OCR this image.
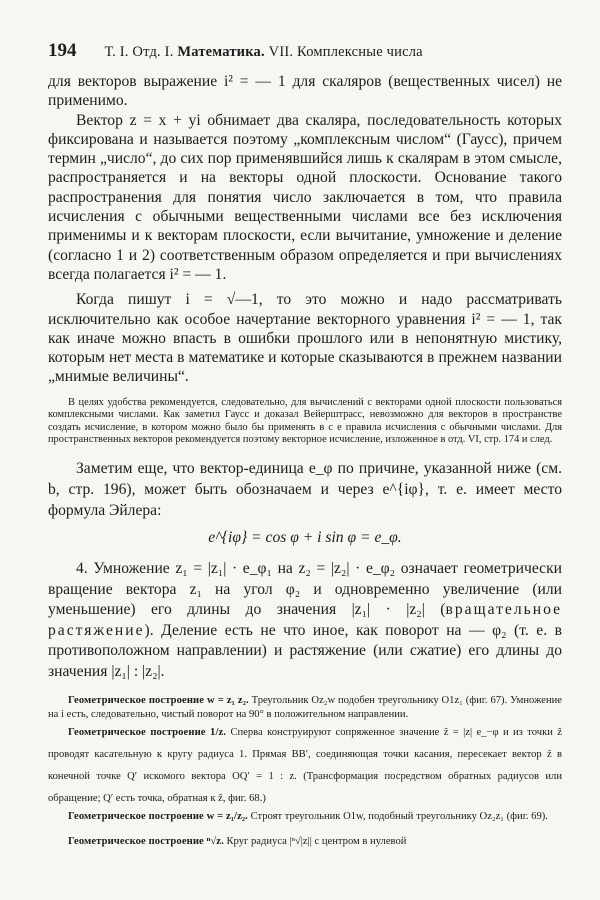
194 Т. I. Отд. I. Математика. VII. Комплексные числа

для векторов выражение i² = — 1 для скаляров (вещественных чисел) не применимо.

Вектор z = x + yi обнимает два скаляра, последовательность которых фиксирована и называется поэтому „комплексным числом“ (Гаусс), причем термин „число“, до сих пор применявшийся лишь к скалярам в этом смысле, распространяется и на векторы одной плоскости. Основание такого распространения для понятия число заключается в том, что правила исчисления с обычными вещественными числами все без исключения применимы и к векторам плоскости, если вычитание, умножение и деление (согласно 1 и 2) соответственным образом определяется и при вычислениях всегда полагается i² = — 1.

Когда пишут i = √—1, то это можно и надо рассматривать исключительно как особое начертание векторного уравнения i² = — 1, так как иначе можно впасть в ошибки прошлого или в непонятную мистику, которым нет места в математике и которые сказываются в прежнем названии „мнимые величины“.

В целях удобства рекомендуется, следовательно, для вычислений с векторами одной плоскости пользоваться комплексными числами. Как заметил Гаусс и доказал Вейерштрасс, невозможно для векторов в пространстве создать исчисление, в котором можно было бы применять в с е правила исчисления с обычными числами. Для пространственных векторов рекомендуется поэтому векторное исчисление, изложенное в отд. VI, стр. 174 и след.

Заметим еще, что вектор-единица e_φ по причине, указанной ниже (см. b, стр. 196), может быть обозначаем и через e^{iφ}, т. е. имеет место формула Эйлера:

e^{iφ} = cos φ + i sin φ = e_φ.

4. Умножение z₁ = |z₁| · e_φ₁ на z₂ = |z₂| · e_φ₂ означает геометрически вращение вектора z₁ на угол φ₂ и одновременно увеличение (или уменьшение) его длины до значения |z₁| · |z₂| (вращательное растяжение). Деление есть не что иное, как поворот на — φ₂ (т. е. в противоположном направлении) и растяжение (или сжатие) его длины до значения |z₁| : |z₂|.

Геометрическое построение w = z₁ z₂. Треугольник Oz₂w подобен треугольнику O1z₁ (фиг. 67). Умножение на i есть, следовательно, чистый поворот на 90° в положительном направлении.

Геометрическое построение 1/z. Сперва конструируют сопряженное значение z̃ = |z| e_−φ и из точки z̃ проводят касательную к кругу радиуса 1. Прямая BB′, соединяющая точки касания, пересекает вектор z̃ в конечной точке Q′ искомого вектора OQ′ = 1 : z. (Трансформация посредством обратных радиусов или обращение; Q′ есть точка, обратная к z̃, фиг. 68.)

Геометрическое построение w = z₁/z₂. Строят треугольник O1w, подобный треугольнику Oz₂z₁ (фиг. 69).

Геометрическое построение ⁿ√z. Круг радиуса |ⁿ√|z|| с центром в нулевой
